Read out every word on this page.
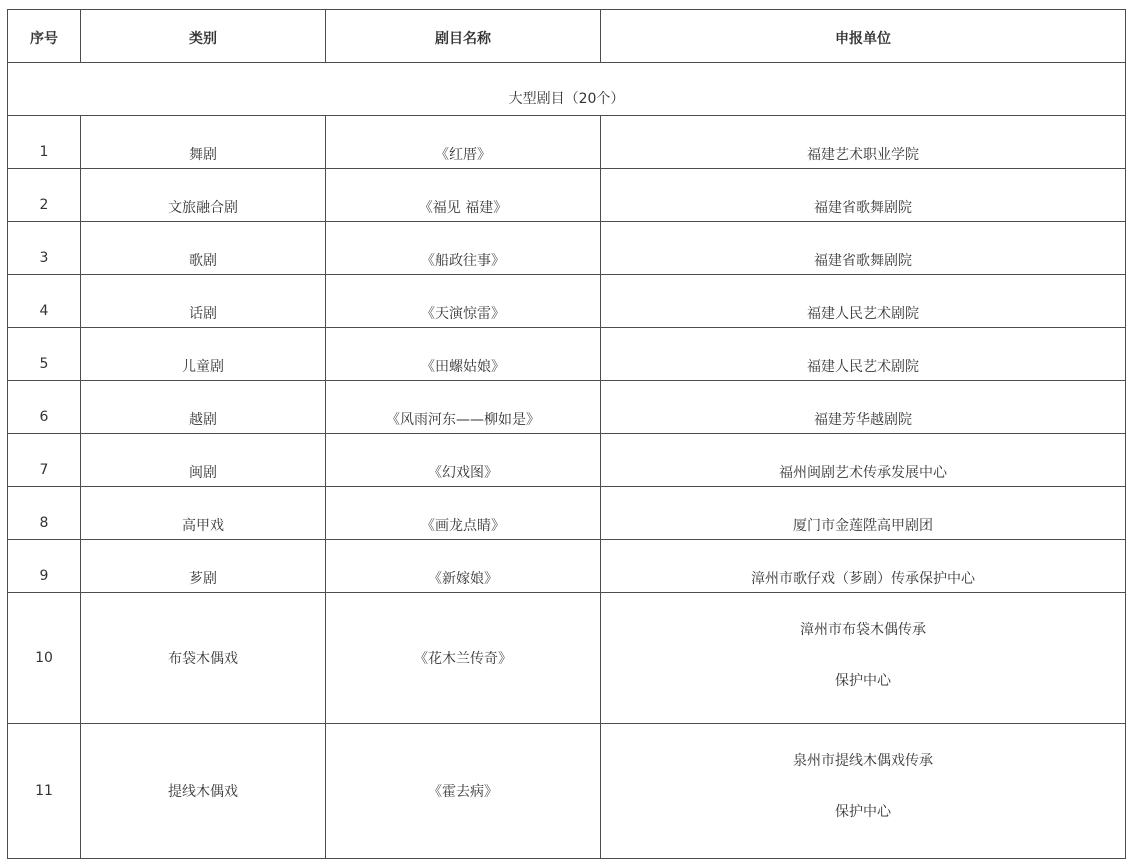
序号	类别	剧目名称	申报单位
大型剧目（20个）			
1	舞剧	《红厝》	福建艺术职业学院
2	文旅融合剧	《福见 福建》	福建省歌舞剧院
3	歌剧	《船政往事》	福建省歌舞剧院
4	话剧	《天演惊雷》	福建人民艺术剧院
5	儿童剧	《田螺姑娘》	福建人民艺术剧院
6	越剧	《风雨河东——柳如是》	福建芳华越剧院
7	闽剧	《幻戏图》	福州闽剧艺术传承发展中心
8	高甲戏	《画龙点睛》	厦门市金莲陞高甲剧团
9	芗剧	《新嫁娘》	漳州市歌仔戏（芗剧）传承保护中心
10	布袋木偶戏	《花木兰传奇》	漳州市布袋木偶传承
保护中心

11	提线木偶戏	《霍去病》	泉州市提线木偶戏传承
保护中心
